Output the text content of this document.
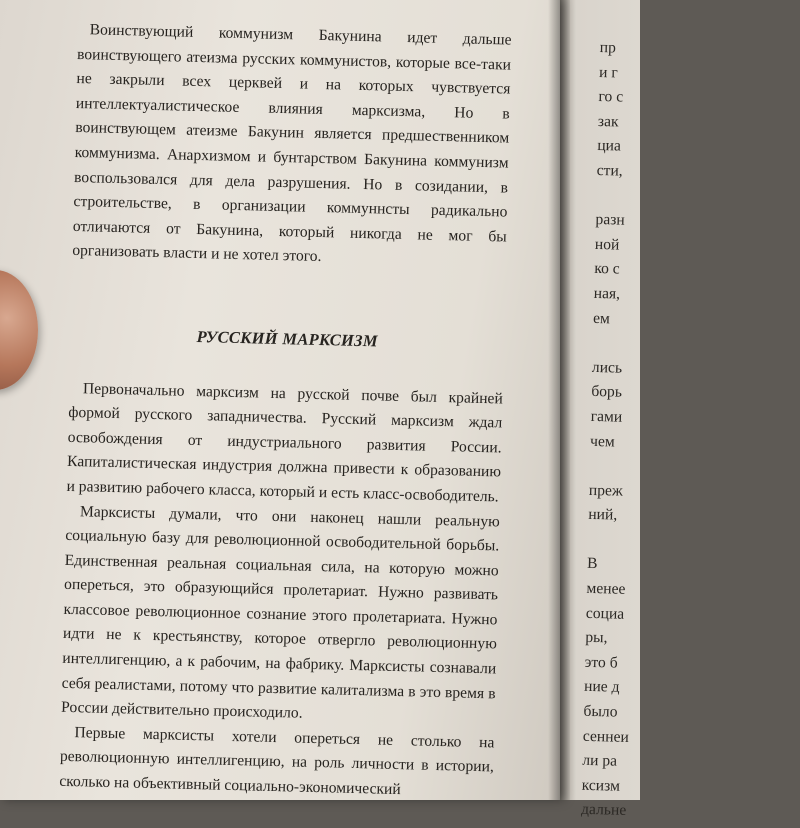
пр
и г
го с
зак
циа
сти,
разн
ной
ко с
ная,
ем
лись
борь
гами
чем
преж
ний,
В
менее
социа
ры,
это б
ние д
было
сеннеи
ли ра
ксизм
дальне

Воинствующий коммунизм Бакунина идет дальше воинствующего атеизма русских коммунистов, которые все-таки не закрыли всех церквей и на которых чувствуется интеллектуалистическое влияния марксизма, Но в воинствующем атеизме Бакунин является предшественником коммунизма. Анархизмом и бунтарством Бакунина коммунизм воспользовался для дела разрушения. Но в созидании, в строительстве, в организации коммуннсты радикально отличаются от Бакунина, который никогда не мог бы организовать власти и не хотел этого.

РУССКИЙ МАРКСИЗМ

Первоначально марксизм на русской почве был крайней формой русского западничества. Русский марксизм ждал освобождения от индустриального развития России. Капиталистическая индустрия должна привести к образованию и развитию рабочего класса, который и есть класс-освободитель.

Марксисты думали, что они наконец нашли реальную социальную базу для революционной освободительной борьбы. Единственная реальная социальная сила, на которую можно опереться, это образующийся пролетариат. Нужно развивать классовое революционное сознание этого пролетариата. Нужно идти не к крестьянству, которое отвергло революционную интеллигенцию, а к рабочим, на фабрику. Марксисты сознавали себя реалистами, потому что развитие калитализма в это время в России действительно происходило.

Первые марксисты хотели опереться не столько на революционную интеллигенцию, на роль личности в истории, сколько на объективный социально-экономический
